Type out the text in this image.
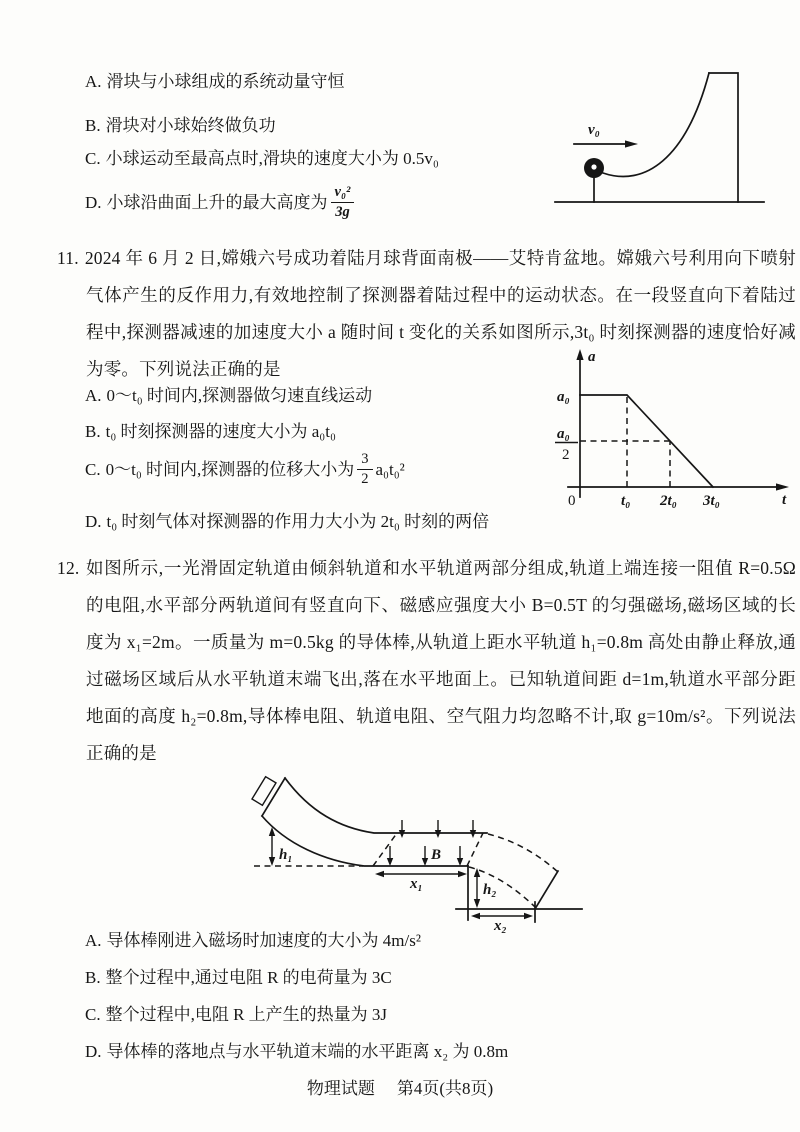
A. 滑块与小球组成的系统动量守恒
B. 滑块对小球始终做负功
C. 小球运动至最高点时,滑块的速度大小为 0.5v₀
D. 小球沿曲面上升的最大高度为 $\frac{\text{v₀²}}{3g}$
v₀

11. 2024 年 6 月 2 日,嫦娥六号成功着陆月球背面南极——艾特肯盆地。嫦娥六号利用向下喷射气体产生的反作用力,有效地控制了探测器着陆过程中的运动状态。在一段竖直向下着陆过程中,探测器减速的加速度大小 a 随时间 t 变化的关系如图所示,3t₀ 时刻探测器的速度恰好减为零。下列说法正确的是

A. 0～t₀ 时间内,探测器做匀速直线运动
B. t₀ 时刻探测器的速度大小为 a₀t₀
C. 0～t₀ 时间内,探测器的位移大小为 $\frac{3}{2} a_0t_0^2$
D. t₀ 时刻气体对探测器的作用力大小为 2t₀ 时刻的两倍
a
t
0
a₀
a₀
2
t₀ 2t₀ 3t₀

12. 如图所示,一光滑固定轨道由倾斜轨道和水平轨道两部分组成,轨道上端连接一阻值 R=0.5Ω 的电阻,水平部分两轨道间有竖直向下、磁感应强度大小 B=0.5T 的匀强磁场,磁场区域的长度为 x₁=2m。一质量为 m=0.5kg 的导体棒,从轨道上距水平轨道 h₁=0.8m 高处由静止释放,通过磁场区域后从水平轨道末端飞出,落在水平地面上。已知轨道间距 d=1m,轨道水平部分距地面的高度 h₂=0.8m,导体棒电阻、轨道电阻、空气阻力均忽略不计,取 g=10m/s²。下列说法正确的是

h₁	B
x₁	h₂
x₂
A. 导体棒刚进入磁场时加速度的大小为 4m/s²
B. 整个过程中,通过电阻 R 的电荷量为 3C
C. 整个过程中,电阻 R 上产生的热量为 3J
D. 导体棒的落地点与水平轨道末端的水平距离 x₂ 为 0.8m
物理试题 第4页(共8页)
